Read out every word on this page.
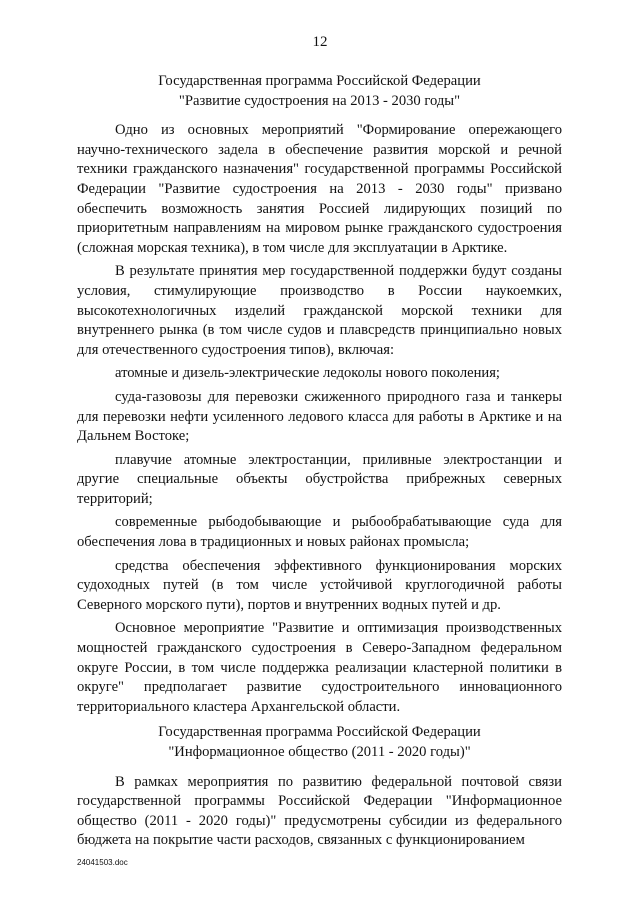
12
Государственная программа Российской Федерации
"Развитие судостроения на 2013 - 2030 годы"

Одно из основных мероприятий "Формирование опережающего научно-технического задела в обеспечение развития морской и речной техники гражданского назначения" государственной программы Российской Федерации "Развитие судостроения на 2013 - 2030 годы" призвано обеспечить возможность занятия Россией лидирующих позиций по приоритетным направлениям на мировом рынке гражданского судостроения (сложная морская техника), в том числе для эксплуатации в Арктике.

В результате принятия мер государственной поддержки будут созданы условия, стимулирующие производство в России наукоемких, высокотехнологичных изделий гражданской морской техники для внутреннего рынка (в том числе судов и плавсредств принципиально новых для отечественного судостроения типов), включая:

атомные и дизель-электрические ледоколы нового поколения;

суда-газовозы для перевозки сжиженного природного газа и танкеры для перевозки нефти усиленного ледового класса для работы в Арктике и на Дальнем Востоке;

плавучие атомные электростанции, приливные электростанции и другие специальные объекты обустройства прибрежных северных территорий;

современные рыбодобывающие и рыбообрабатывающие суда для обеспечения лова в традиционных и новых районах промысла;

средства обеспечения эффективного функционирования морских судоходных путей (в том числе устойчивой круглогодичной работы Северного морского пути), портов и внутренних водных путей и др.

Основное мероприятие "Развитие и оптимизация производственных мощностей гражданского судостроения в Северо-Западном федеральном округе России, в том числе поддержка реализации кластерной политики в округе" предполагает развитие судостроительного инновационного территориального кластера Архангельской области.

Государственная программа Российской Федерации
"Информационное общество (2011 - 2020 годы)"

В рамках мероприятия по развитию федеральной почтовой связи государственной программы Российской Федерации "Информационное общество (2011 - 2020 годы)" предусмотрены субсидии из федерального бюджета на покрытие части расходов, связанных с функционированием

24041503.doc
